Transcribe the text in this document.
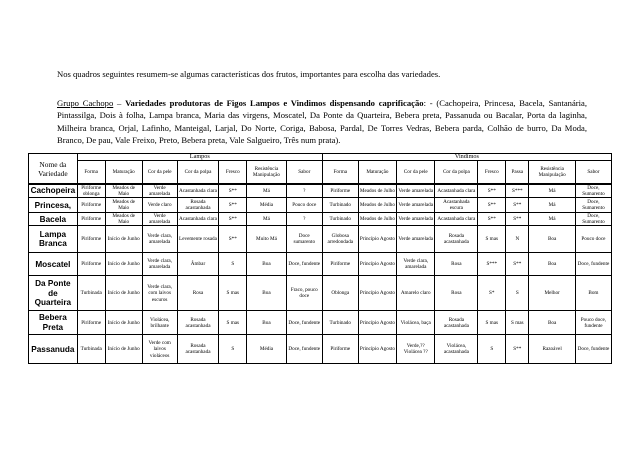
Nos quadros seguintes resumem-se algumas características dos frutos, importantes para escolha das variedades.
Grupo Cachopo – Variedades produtoras de Figos Lampos e Vindimos dispensando caprificação: - (Cachopeira, Princesa, Bacela, Santanária, Pintassilga, Dois à folha, Lampa branca, Maria das virgens, Moscatel, Da Ponte da Quarteira, Bebera preta, Passanuda ou Bacalar, Porta da laginha, Milheira branca, Orjal, Lafinho, Manteigal, Larjal, Do Norte, Coriga, Babosa, Pardal, De Torres Vedras, Bebera parda, Colhão de burro, Da Moda, Branco, De pau, Vale Freixo, Preto, Bebera preta, Vale Salgueiro, Três num prata).
Nome da Variedade	Lampos							Vindimos							
	Forma	Maturação	Cor da pele	Cor da polpa	Fresco	Resistência Manipulação	Sabor	Forma	Maturação	Cor da pele	Cor da polpa	Fresco	Passa	Resistência Manipulação	Sabor
Cachopeira	Piriforme oblonga	Meados de Maio	Verde amarelada	Acastanhada clara	S**	Má	?	Piriforme	Meados de Julho	Verde amarelada	Acastanhada clara	S**	S***	Má	Doce, Sumarento
Princesa,	Piriforme	Meados de Maio	Verde claro	Rosada acastanhada	S**	Média	Pouco doce	Turbinado	Meados de Julho	Verde amarelada	Acastanhada escura	S**	S**	Má	Doce, Sumarento
Bacela	Piriforme	Meados de Maio	Verde amarelada	Acastanhada clara	S**	Má	?	Turbinado	Meados de Julho	Verde amarelada	Acastanhada clara	S**	S**	Má	Doce, Sumarento
Lampa Branca	Piriforme	Início de Junho	Verde clara, amarelada	Levemente rosada	S**	Muito Má	Doce sumarento	Globosa arredondada	Princípio Agosto	Verde amarelada	Rosada acastanhada	S mas	N	Boa	Pouco doce
Moscatel	Piriforme	Início de Junho	Verde clara, amarelada	Âmbar	S	Boa	Doce, fundente	Piriforme	Princípio Agosto	Verde clara, amarelada	Rosa	S***	S**	Boa	Doce, fundente
Da Ponte de Quarteira	Turbinada	Início de Junho	Verde clara, com laivos escuros	Rosa	S mas	Boa	Fraco, pouco doce	Oblonga	Princípio Agosto	Amarelo claro	Rosa	S*	S	Melhor	Bom
Bebera Preta	Piriforme	Início de Junho	Violácea, brilhante	Rosada acastanhada	S mas	Boa	Doce, fundente	Turbinado	Princípio Agosto	Violácea, baça	Rosada acastanhada	S mas	S mas	Boa	Pouco doce, fundente
Passanuda	Turbinada	Início de Junho	Verde com laivos violáceos	Rosada acastanhada	S	Média	Doce, fundente	Piriforme	Princípio Agosto	Verde,?? Violácea ??	Violácea, acastanhada	S	S**	Razoável	Doce, fundente
